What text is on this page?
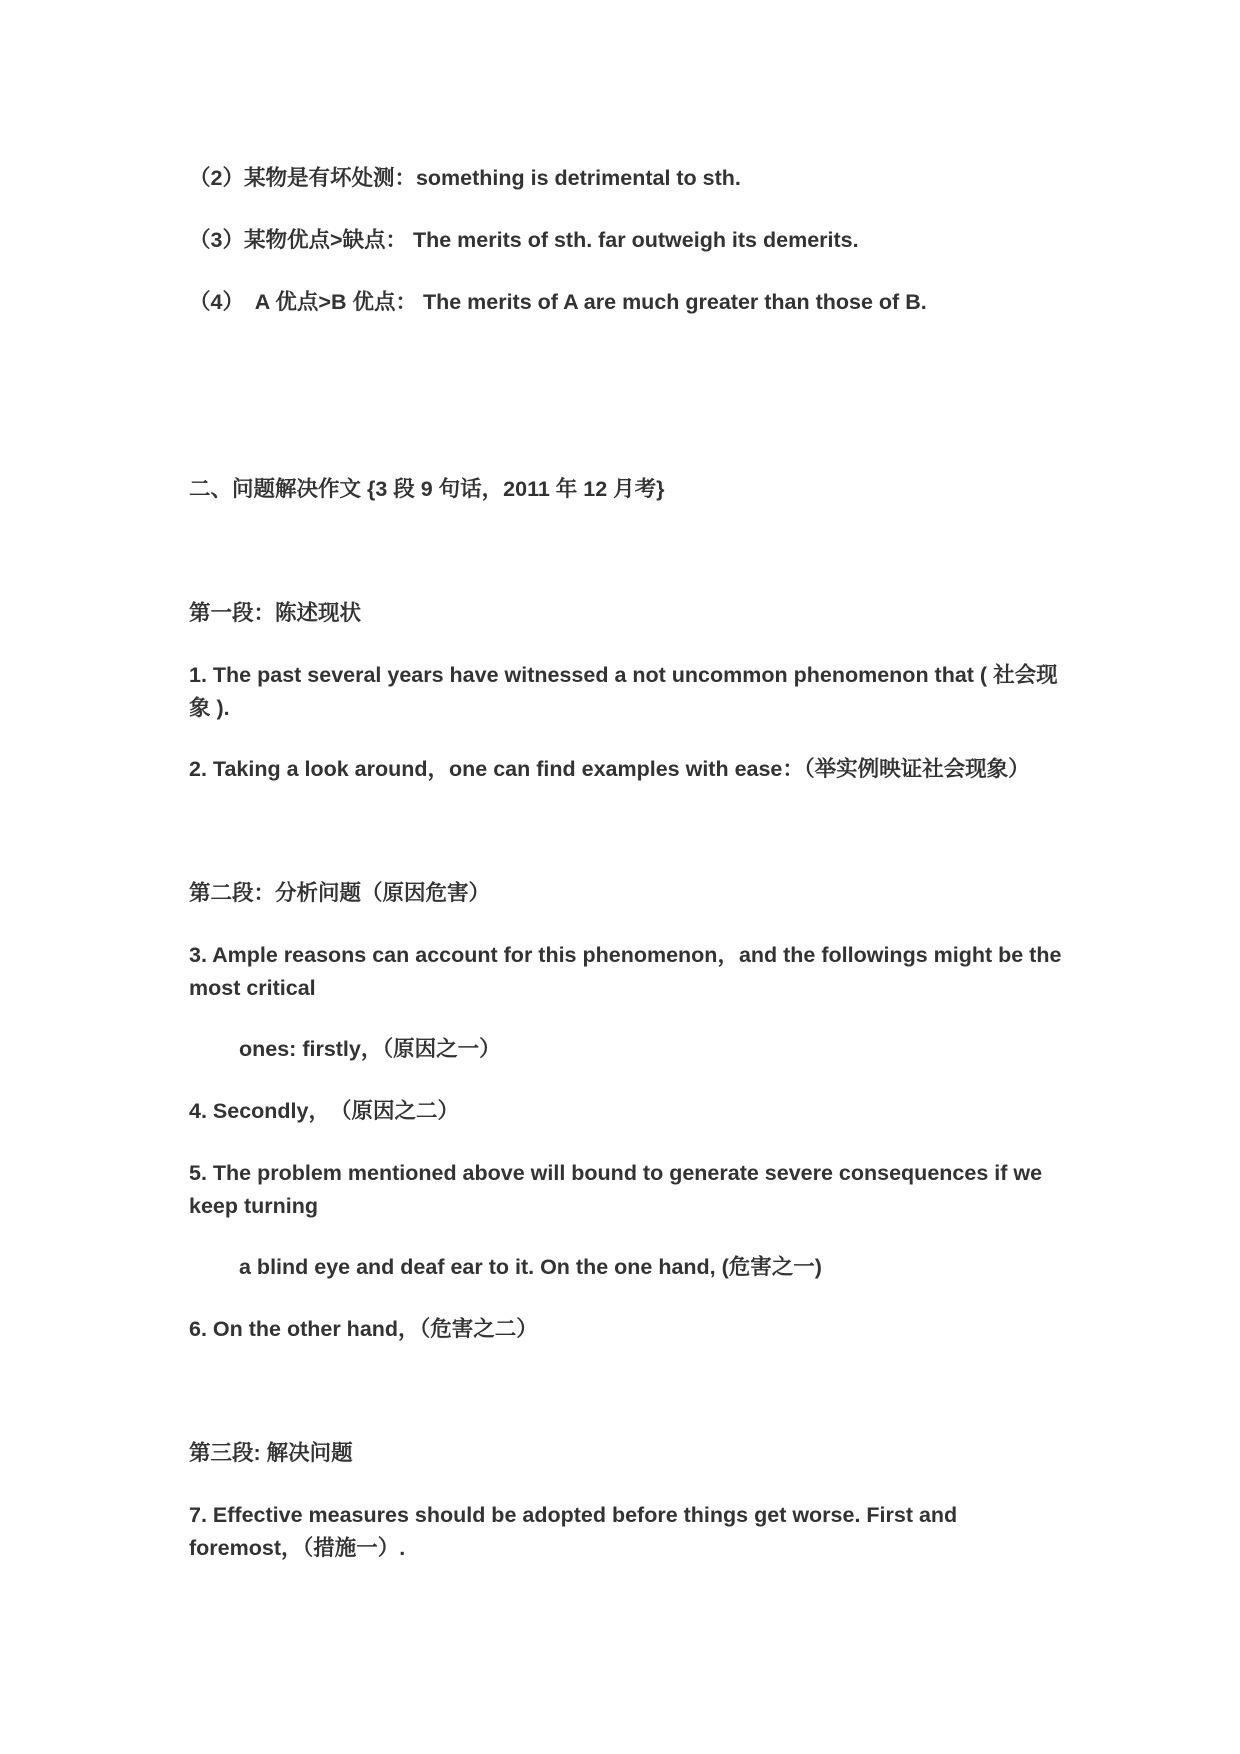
（2）某物是有坏处测：something is detrimental to sth.
（3）某物优点>缺点： The merits of sth. far outweigh its demerits.
（4）　A 优点>B 优点： The merits of A are much greater than those of B.
二、问题解决作文 {3 段 9 句话，2011 年 12 月考}
第一段：陈述现状
1. The past several years have witnessed a not uncommon phenomenon that ( 社会现象 ).
2. Taking a look around，one can find examples with ease：（举实例映证社会现象）
第二段：分析问题（原因危害）
3. Ample reasons can account for this phenomenon，and the followings might be the most critical
ones: firstly，（原因之一）
4. Secondly，　（原因之二）
5. The problem mentioned above will bound to generate severe consequences if we keep turning
a blind eye and deaf ear to it. On the one hand, (危害之一)
6. On the other hand，（危害之二）
第三段: 解决问题
7. Effective measures should be adopted before things get worse. First and foremost，（措施一）.
